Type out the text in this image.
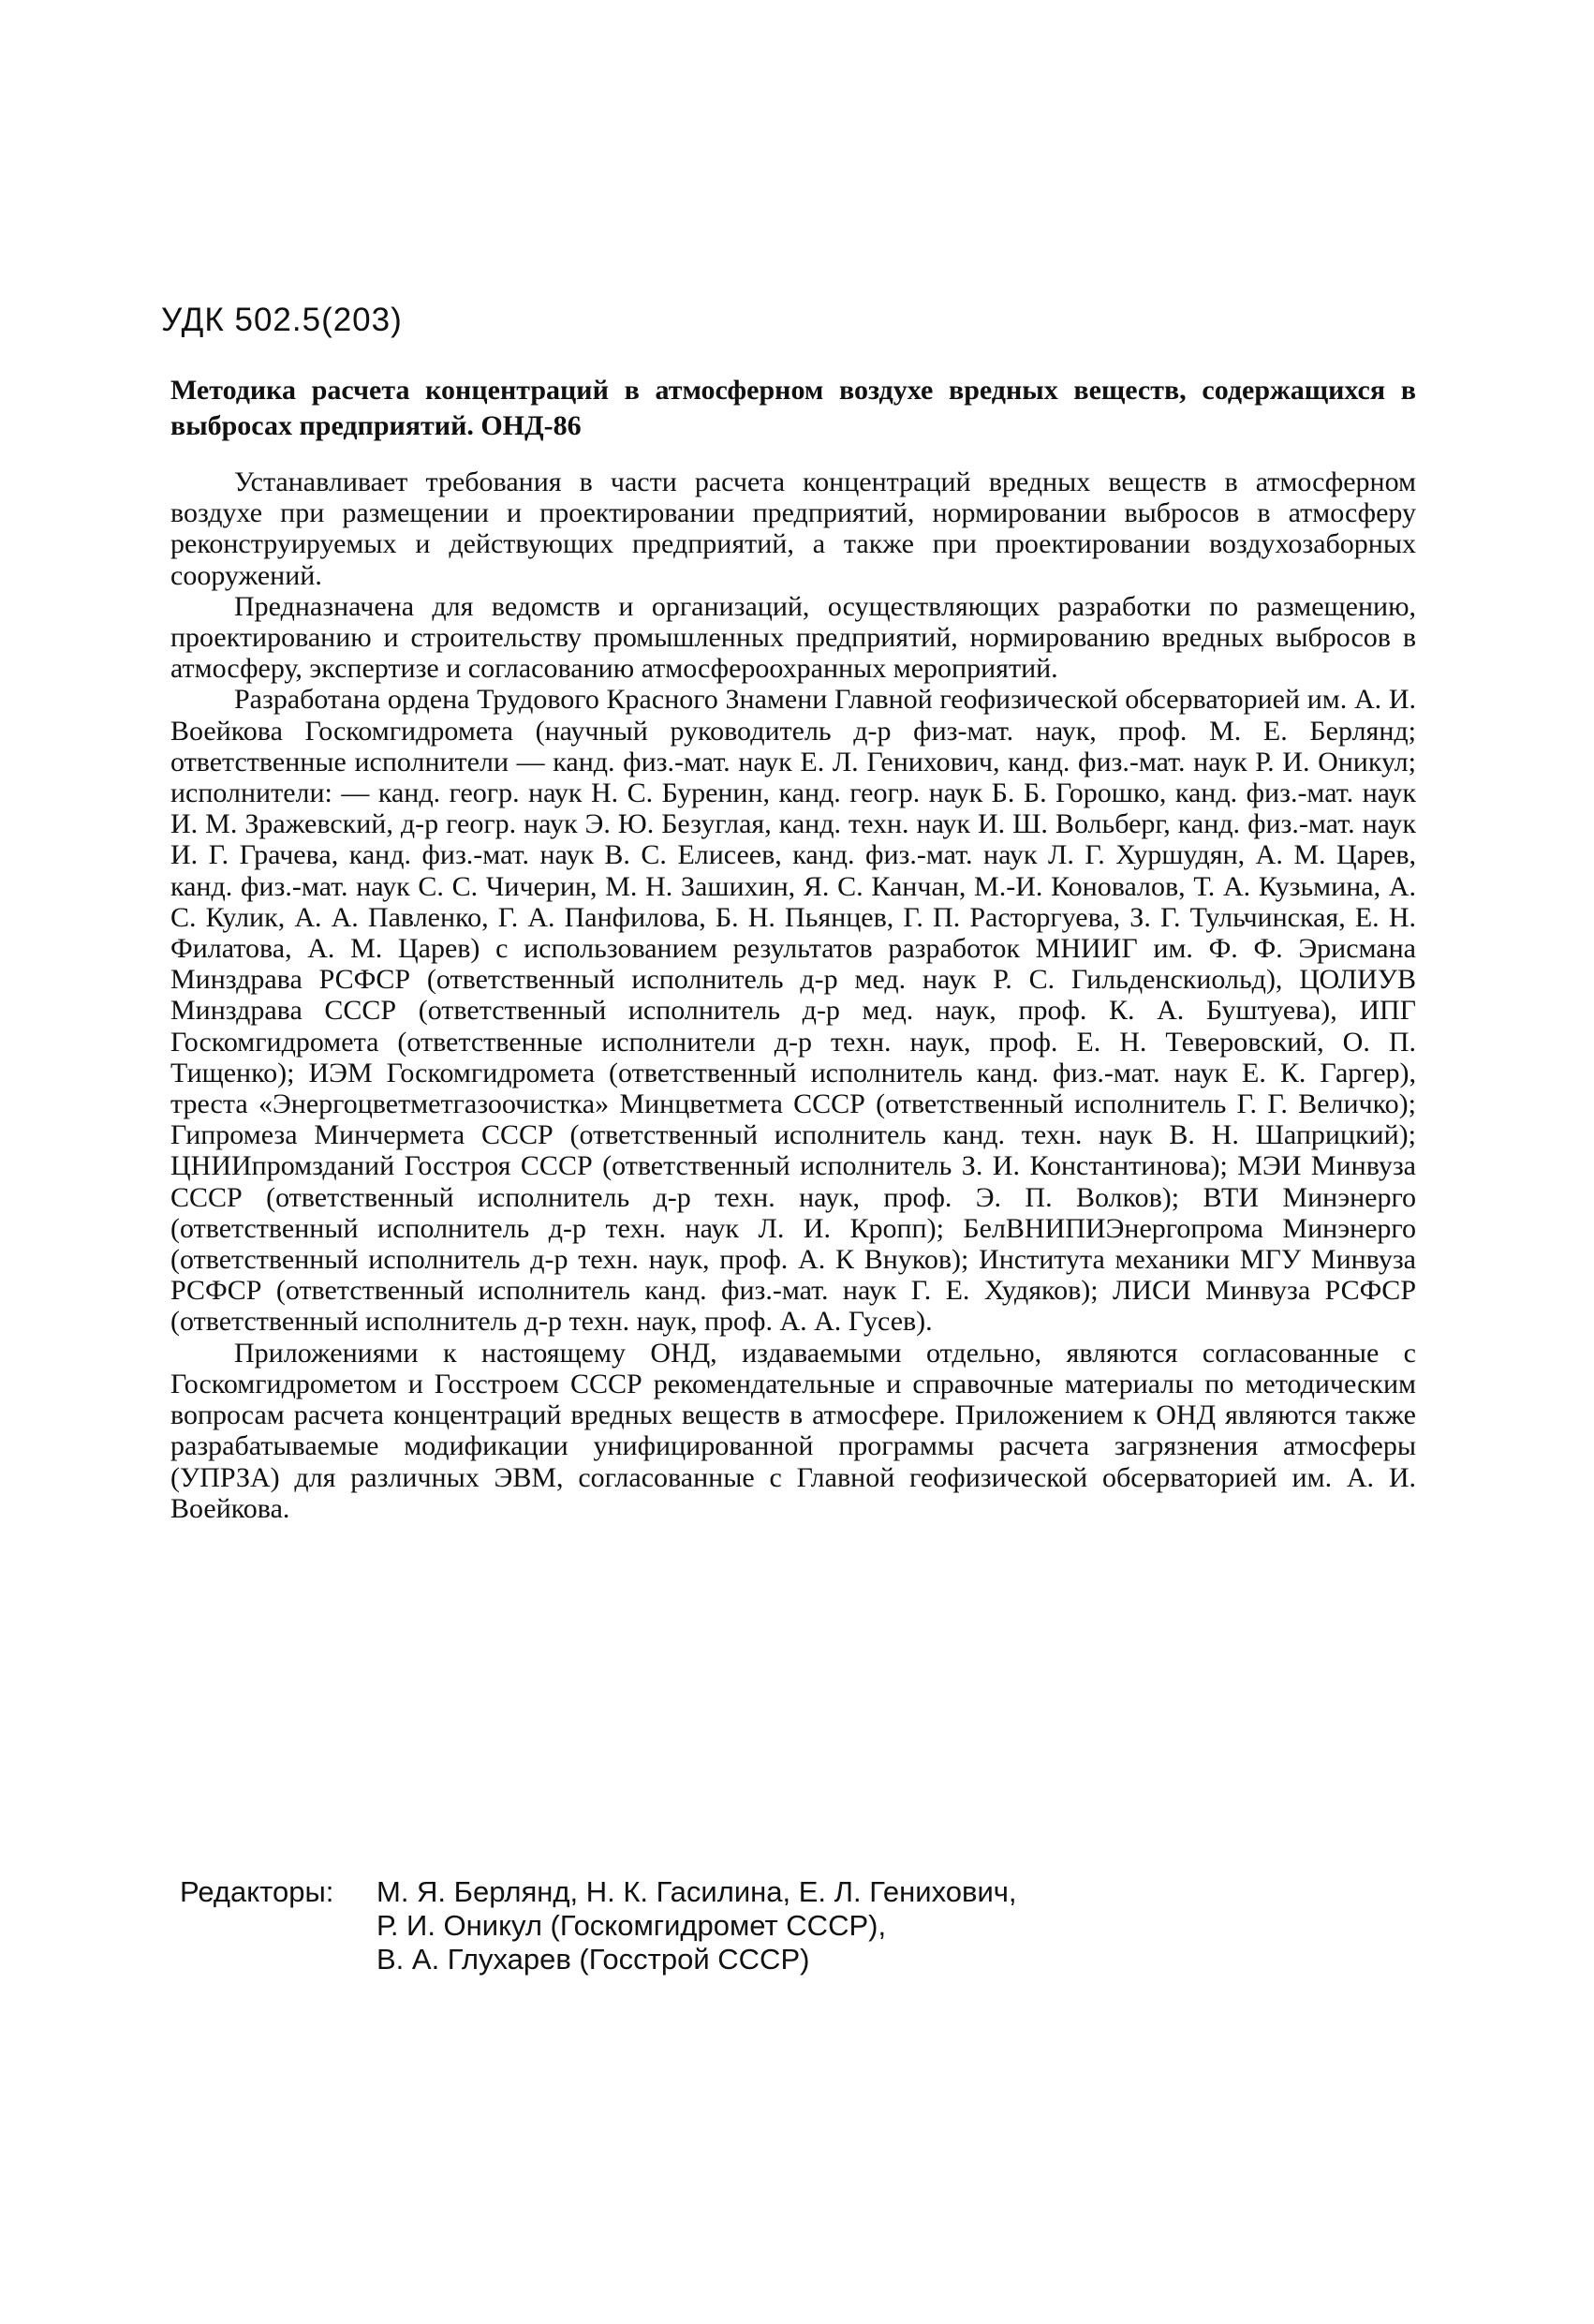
УДК 502.5(203)
Методика расчета концентраций в атмосферном воздухе вредных веществ, содержащихся в выбросах предприятий. ОНД-86

Устанавливает требования в части расчета концентраций вредных веществ в атмосферном воздухе при размещении и проектировании предприятий, нормировании выбросов в атмосферу реконструируемых и действующих предприятий, а также при проектировании воздухозаборных сооружений.

Предназначена для ведомств и организаций, осуществляющих разработки по размещению, проектированию и строительству промышленных предприятий, нормированию вредных выбросов в атмосферу, экспертизе и согласованию атмосфероохранных мероприятий.

Разработана ордена Трудового Красного Знамени Главной геофизической обсерваторией им. А. И. Воейкова Госкомгидромета (научный руководитель д-р физ-мат. наук, проф. М. Е. Берлянд; ответственные исполнители — канд. физ.-мат. наук Е. Л. Генихович, канд. физ.-мат. наук Р. И. Оникул; исполнители: — канд. геогр. наук Н. С. Буренин, канд. геогр. наук Б. Б. Горошко, канд. физ.-мат. наук И. М. Зражевский, д-р геогр. наук Э. Ю. Безуглая, канд. техн. наук И. Ш. Вольберг, канд. физ.-мат. наук И. Г. Грачева, канд. физ.-мат. наук В. С. Елисеев, канд. физ.-мат. наук Л. Г. Хуршудян, А. М. Царев, канд. физ.-мат. наук С. С. Чичерин, М. Н. Зашихин, Я. С. Канчан, М.-И. Коновалов, Т. А. Кузьмина, А. С. Кулик, А. А. Павленко, Г. А. Панфилова, Б. Н. Пьянцев, Г. П. Расторгуева, З. Г. Тульчинская, Е. Н. Филатова, А. М. Царев) с использованием результатов разработок МНИИГ им. Ф. Ф. Эрисмана Минздрава РСФСР (ответственный исполнитель д-р мед. наук Р. С. Гильденскиольд), ЦОЛИУВ Минздрава СССР (ответственный исполнитель д-р мед. наук, проф. К. А. Буштуева), ИПГ Госкомгидромета (ответственные исполнители д-р техн. наук, проф. Е. Н. Теверовский, О. П. Тищенко); ИЭМ Госкомгидромета (ответственный исполнитель канд. физ.-мат. наук Е. К. Гаргер), треста «Энергоцветметгазоочистка» Минцветмета СССР (ответственный исполнитель Г. Г. Величко); Гипромеза Минчермета СССР (ответственный исполнитель канд. техн. наук В. Н. Шаприцкий); ЦНИИпромзданий Госстроя СССР (ответственный исполнитель З. И. Константинова); МЭИ Минвуза СССР (ответственный исполнитель д-р техн. наук, проф. Э. П. Волков); ВТИ Минэнерго (ответственный исполнитель д-р техн. наук Л. И. Кропп); БелВНИПИЭнергопрома Минэнерго (ответственный исполнитель д-р техн. наук, проф. А. К Внуков); Института механики МГУ Минвуза РСФСР (ответственный исполнитель канд. физ.-мат. наук Г. Е. Худяков); ЛИСИ Минвуза РСФСР (ответственный исполнитель д-р техн. наук, проф. А. А. Гусев).

Приложениями к настоящему ОНД, издаваемыми отдельно, являются согласованные с Госкомгидрометом и Госстроем СССР рекомендательные и справочные материалы по методическим вопросам расчета концентраций вредных веществ в атмосфере. Приложением к ОНД являются также разрабатываемые модификации унифицированной программы расчета загрязнения атмосферы (УПРЗА) для различных ЭВМ, согласованные с Главной геофизической обсерваторией им. А. И. Воейкова.

Редакторы:	М. Я. Берлянд, Н. К. Гасилина, Е. Л. Генихович,
Р. И. Оникул (Госкомгидромет СССР),
В. А. Глухарев (Госстрой СССР)
